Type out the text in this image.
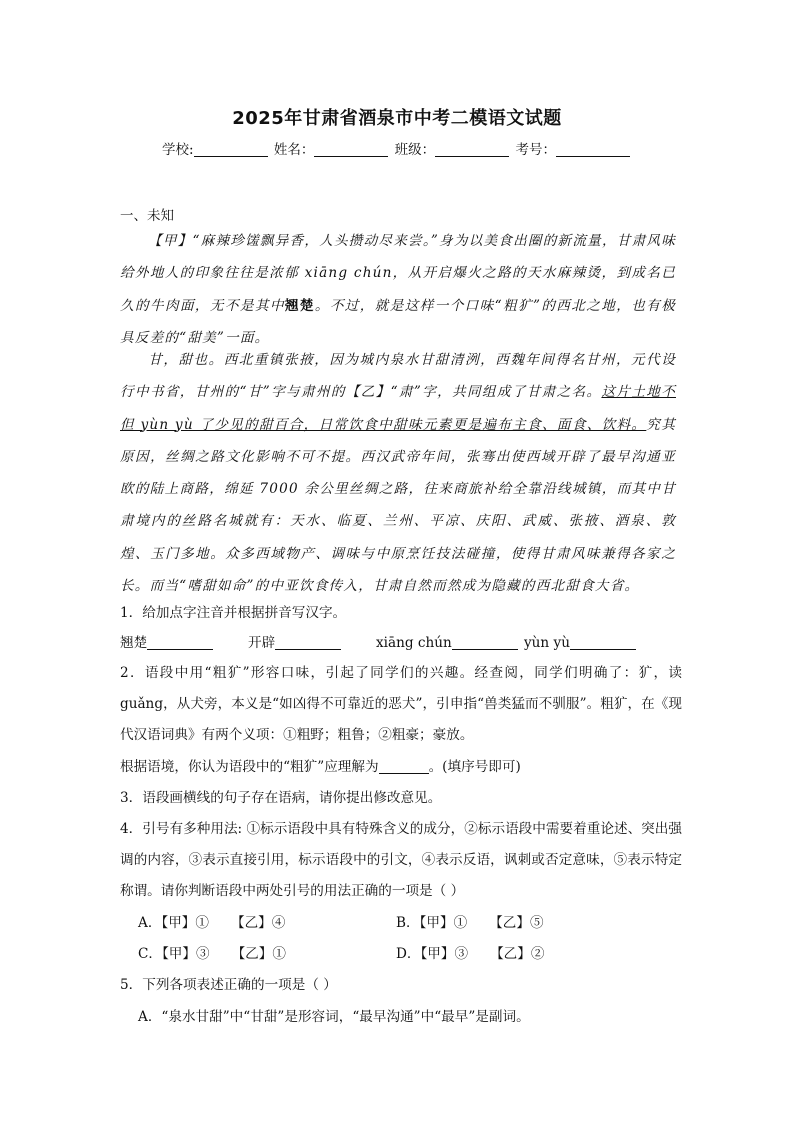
2025年甘肃省酒泉市中考二模语文试题
学校:	姓名：	班级：	考号：
一、未知
【甲】“麻辣珍馐飘异香，人头攒动尽来尝。”身为以美食出圈的新流量，甘肃风味给外地人的印象往往是浓郁 xiāng chún，从开启爆火之路的天水麻辣烫，到成名已久的牛肉面，无不是其中翘楚。不过，就是这样一个口味“粗犷”的西北之地，也有极具反差的“甜美”一面。
甘，甜也。西北重镇张掖，因为城内泉水甘甜清洌，西魏年间得名甘州，元代设行中书省，甘州的“甘”字与肃州的【乙】“肃”字，共同组成了甘肃之名。这片土地不但 yùn yù 了少见的甜百合，日常饮食中甜味元素更是遍布主食、面食、饮料。究其原因，丝绸之路文化影响不可不提。西汉武帝年间，张骞出使西域开辟了最早沟通亚欧的陆上商路，绵延 7000 余公里丝绸之路，往来商旅补给全靠沿线城镇，而其中甘肃境内的丝路名城就有：天水、临夏、兰州、平凉、庆阳、武威、张掖、酒泉、敦煌、玉门多地。众多西域物产、调味与中原烹饪技法碰撞，使得甘肃风味兼得各家之长。而当“嗜甜如命”的中亚饮食传入，甘肃自然而然成为隐藏的西北甜食大省。
1．给加点字注音并根据拼音写汉字。
翘楚	开辟	xiāng chún	yùn yù
2．语段中用“粗犷”形容口味，引起了同学们的兴趣。经查阅，同学们明确了：犷，读 guǎng，从犬旁，本义是“如凶得不可靠近的恶犬”，引申指“兽类猛而不驯服”。粗犷，在《现代汉语词典》有两个义项：①粗野；粗鲁；②粗豪；豪放。
根据语境，你认为语段中的“粗犷”应理解为	。(填序号即可)
3．语段画横线的句子存在语病，请你提出修改意见。
4．引号有多种用法: ①标示语段中具有特殊含义的成分，②标示语段中需要着重论述、突出强调的内容，③表示直接引用，标示语段中的引文，④表示反语，讽刺或否定意味，⑤表示特定称谓。请你判断语段中两处引号的用法正确的一项是（ ）
A．【甲】① 【乙】④	B．【甲】① 【乙】⑤
C．【甲】③ 【乙】①	D．【甲】③ 【乙】②
5．下列各项表述正确的一项是（ ）
A．“泉水甘甜”中“甘甜”是形容词，“最早沟通”中“最早”是副词。
